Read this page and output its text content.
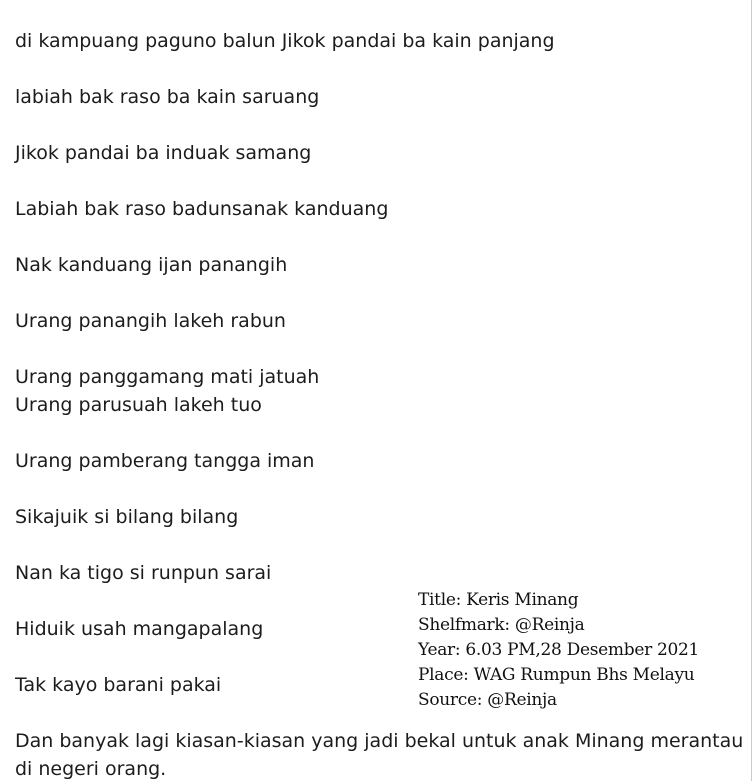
di kampuang paguno balun Jikok pandai ba kain panjang

labiah bak raso ba kain saruang

Jikok pandai ba induak samang

Labiah bak raso badunsanak kanduang

Nak kanduang ijan panangih

Urang panangih lakeh rabun

Urang panggamang mati jatuah
Urang parusuah lakeh tuo

Urang pamberang tangga iman

Sikajuik si bilang bilang

Nan ka tigo si runpun sarai

Hiduik usah mangapalang

Tak kayo barani pakai

Dan banyak lagi kiasan-kiasan yang jadi bekal untuk anak Minang merantau di negeri orang.

Title: Keris Minang
Shelfmark: @Reinja
Year: 6.03 PM,28 Desember 2021
Place: WAG Rumpun Bhs Melayu
Source: @Reinja
